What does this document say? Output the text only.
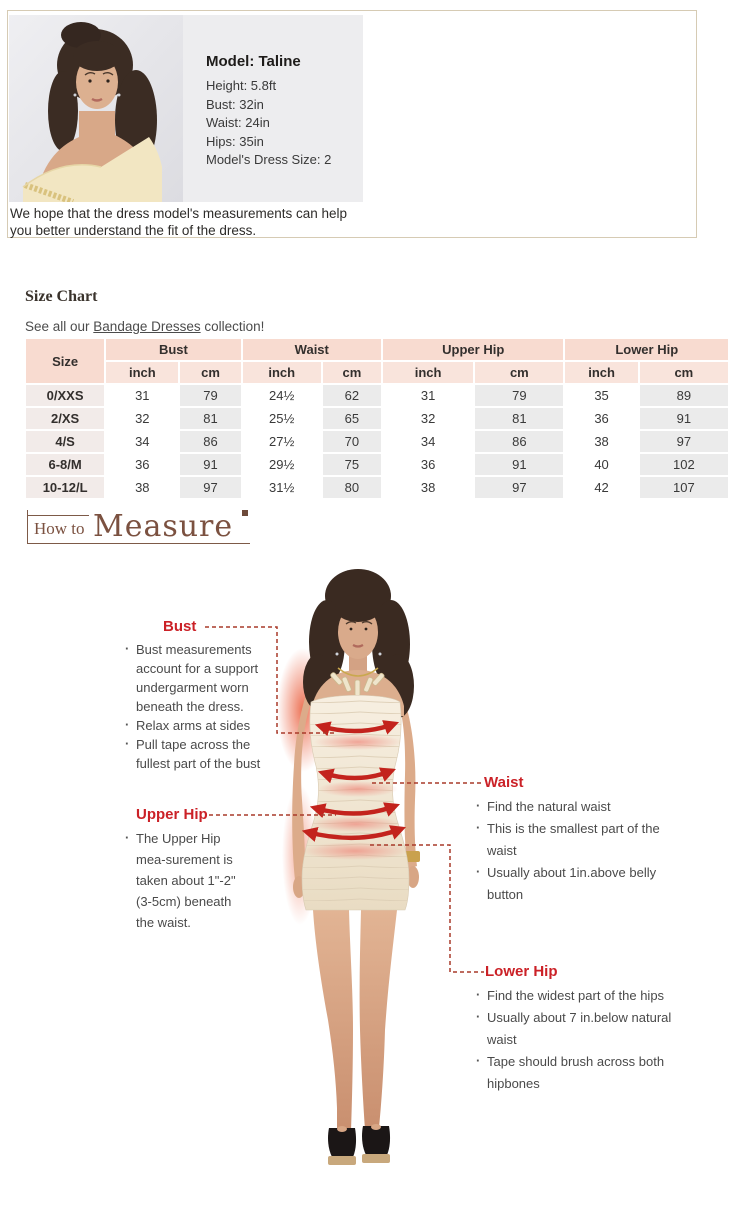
Model: Taline
Height: 5.8ft
Bust: 32in
Waist: 24in
Hips: 35in
Model's Dress Size: 2
We hope that the dress model's measurements can help
you better understand the fit of the dress.
Size Chart

See all our Bandage Dresses collection!

Size	Bust		Waist		Upper Hip		Lower Hip	
	inch	cm	inch	cm	inch	cm	inch	cm
0/XXS	31	79	24½	62	31	79	35	89
2/XS	32	81	25½	65	32	81	36	91
4/S	34	86	27½	70	34	86	38	97
6-8/M	36	91	29½	75	36	91	40	102
10-12/L	38	97	31½	80	38	97	42	107
How to Measure
Bust
· Bust measurements account for a support undergarment worn beneath the dress.
· Relax arms at sides
· Pull tape across the fullest part of the bust
Waist
· Find the natural waist
· This is the smallest part of the waist
· Usually about 1in.above belly button
Upper Hip
· The Upper Hip mea-surement is taken about 1"-2" (3-5cm) beneath the waist.
Lower Hip
· Find the widest part of the hips
· Usually about 7 in.below natural waist
· Tape should brush across both hipbones
